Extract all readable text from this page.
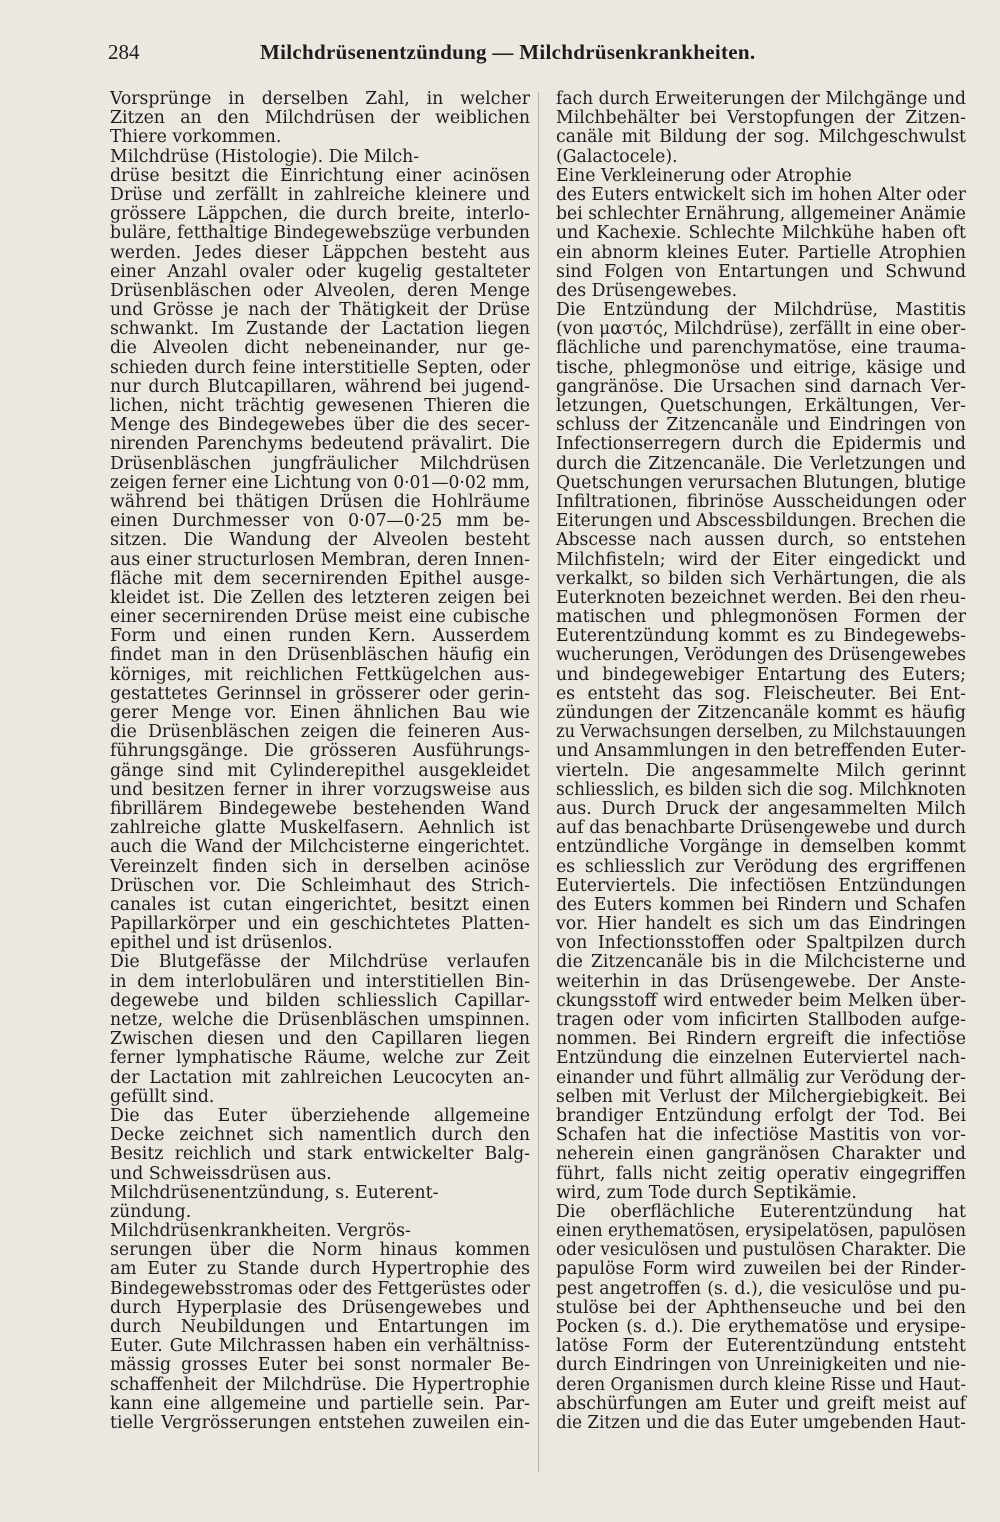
284	Milchdrüsenentzündung — Milchdrüsenkrankheiten.
Vorsprünge in derselben Zahl, in welcher
Zitzen an den Milchdrüsen der weiblichen
Thiere vorkommen.
Milchdrüse (Histologie). Die Milch-
drüse besitzt die Einrichtung einer acinösen
Drüse und zerfällt in zahlreiche kleinere und
grössere Läppchen, die durch breite, interlo-
buläre, fetthaltige Bindegewebszüge verbunden
werden. Jedes dieser Läppchen besteht aus
einer Anzahl ovaler oder kugelig gestalteter
Drüsenbläschen oder Alveolen, deren Menge
und Grösse je nach der Thätigkeit der Drüse
schwankt. Im Zustande der Lactation liegen
die Alveolen dicht nebeneinander, nur ge-
schieden durch feine interstitielle Septen, oder
nur durch Blutcapillaren, während bei jugend-
lichen, nicht trächtig gewesenen Thieren die
Menge des Bindegewebes über die des secer-
nirenden Parenchyms bedeutend prävalirt. Die
Drüsenbläschen jungfräulicher Milchdrüsen
zeigen ferner eine Lichtung von 0·01—0·02 mm,
während bei thätigen Drüsen die Hohlräume
einen Durchmesser von 0·07—0·25 mm be-
sitzen. Die Wandung der Alveolen besteht
aus einer structurlosen Membran, deren Innen-
fläche mit dem secernirenden Epithel ausge-
kleidet ist. Die Zellen des letzteren zeigen bei
einer secernirenden Drüse meist eine cubische
Form und einen runden Kern. Ausserdem
findet man in den Drüsenbläschen häufig ein
körniges, mit reichlichen Fettkügelchen aus-
gestattetes Gerinnsel in grösserer oder gerin-
gerer Menge vor. Einen ähnlichen Bau wie
die Drüsenbläschen zeigen die feineren Aus-
führungsgänge. Die grösseren Ausführungs-
gänge sind mit Cylinderepithel ausgekleidet
und besitzen ferner in ihrer vorzugsweise aus
fibrillärem Bindegewebe bestehenden Wand
zahlreiche glatte Muskelfasern. Aehnlich ist
auch die Wand der Milchcisterne eingerichtet.
Vereinzelt finden sich in derselben acinöse
Drüschen vor. Die Schleimhaut des Strich-
canales ist cutan eingerichtet, besitzt einen
Papillarkörper und ein geschichtetes Platten-
epithel und ist drüsenlos.
Die Blutgefässe der Milchdrüse verlaufen
in dem interlobulären und interstitiellen Bin-
degewebe und bilden schliesslich Capillar-
netze, welche die Drüsenbläschen umspinnen.
Zwischen diesen und den Capillaren liegen
ferner lymphatische Räume, welche zur Zeit
der Lactation mit zahlreichen Leucocyten an-
gefüllt sind.
Die das Euter überziehende allgemeine
Decke zeichnet sich namentlich durch den
Besitz reichlich und stark entwickelter Balg-
und Schweissdrüsen aus.
Milchdrüsenentzündung, s. Euterent-
zündung.
Milchdrüsenkrankheiten. Vergrös-
serungen über die Norm hinaus kommen
am Euter zu Stande durch Hypertrophie des
Bindegewebsstromas oder des Fettgerüstes oder
durch Hyperplasie des Drüsengewebes und
durch Neubildungen und Entartungen im
Euter. Gute Milchrassen haben ein verhältniss-
mässig grosses Euter bei sonst normaler Be-
schaffenheit der Milchdrüse. Die Hypertrophie
kann eine allgemeine und partielle sein. Par-
tielle Vergrösserungen entstehen zuweilen ein-
fach durch Erweiterungen der Milchgänge und
Milchbehälter bei Verstopfungen der Zitzen-
canäle mit Bildung der sog. Milchgeschwulst
(Galactocele).
Eine Verkleinerung oder Atrophie
des Euters entwickelt sich im hohen Alter oder
bei schlechter Ernährung, allgemeiner Anämie
und Kachexie. Schlechte Milchkühe haben oft
ein abnorm kleines Euter. Partielle Atrophien
sind Folgen von Entartungen und Schwund
des Drüsengewebes.
Die Entzündung der Milchdrüse, Mastitis
(von μαστός, Milchdrüse), zerfällt in eine ober-
flächliche und parenchymatöse, eine trauma-
tische, phlegmonöse und eitrige, käsige und
gangränöse. Die Ursachen sind darnach Ver-
letzungen, Quetschungen, Erkältungen, Ver-
schluss der Zitzencanäle und Eindringen von
Infectionserregern durch die Epidermis und
durch die Zitzencanäle. Die Verletzungen und
Quetschungen verursachen Blutungen, blutige
Infiltrationen, fibrinöse Ausscheidungen oder
Eiterungen und Abscessbildungen. Brechen die
Abscesse nach aussen durch, so entstehen
Milchfisteln; wird der Eiter eingedickt und
verkalkt, so bilden sich Verhärtungen, die als
Euterknoten bezeichnet werden. Bei den rheu-
matischen und phlegmonösen Formen der
Euterentzündung kommt es zu Bindegewebs-
wucherungen, Verödungen des Drüsengewebes
und bindegewebiger Entartung des Euters;
es entsteht das sog. Fleischeuter. Bei Ent-
zündungen der Zitzencanäle kommt es häufig
zu Verwachsungen derselben, zu Milchstauungen
und Ansammlungen in den betreffenden Euter-
vierteln. Die angesammelte Milch gerinnt
schliesslich, es bilden sich die sog. Milchknoten
aus. Durch Druck der angesammelten Milch
auf das benachbarte Drüsengewebe und durch
entzündliche Vorgänge in demselben kommt
es schliesslich zur Verödung des ergriffenen
Euterviertels. Die infectiösen Entzündungen
des Euters kommen bei Rindern und Schafen
vor. Hier handelt es sich um das Eindringen
von Infectionsstoffen oder Spaltpilzen durch
die Zitzencanäle bis in die Milchcisterne und
weiterhin in das Drüsengewebe. Der Anste-
ckungsstoff wird entweder beim Melken über-
tragen oder vom inficirten Stallboden aufge-
nommen. Bei Rindern ergreift die infectiöse
Entzündung die einzelnen Euterviertel nach-
einander und führt allmälig zur Verödung der-
selben mit Verlust der Milchergiebigkeit. Bei
brandiger Entzündung erfolgt der Tod. Bei
Schafen hat die infectiöse Mastitis von vor-
neherein einen gangränösen Charakter und
führt, falls nicht zeitig operativ eingegriffen
wird, zum Tode durch Septikämie.
Die oberflächliche Euterentzündung hat
einen erythematösen, erysipelatösen, papulösen
oder vesiculösen und pustulösen Charakter. Die
papulöse Form wird zuweilen bei der Rinder-
pest angetroffen (s. d.), die vesiculöse und pu-
stulöse bei der Aphthenseuche und bei den
Pocken (s. d.). Die erythematöse und erysipe-
latöse Form der Euterentzündung entsteht
durch Eindringen von Unreinigkeiten und nie-
deren Organismen durch kleine Risse und Haut-
abschürfungen am Euter und greift meist auf
die Zitzen und die das Euter umgebenden Haut-
